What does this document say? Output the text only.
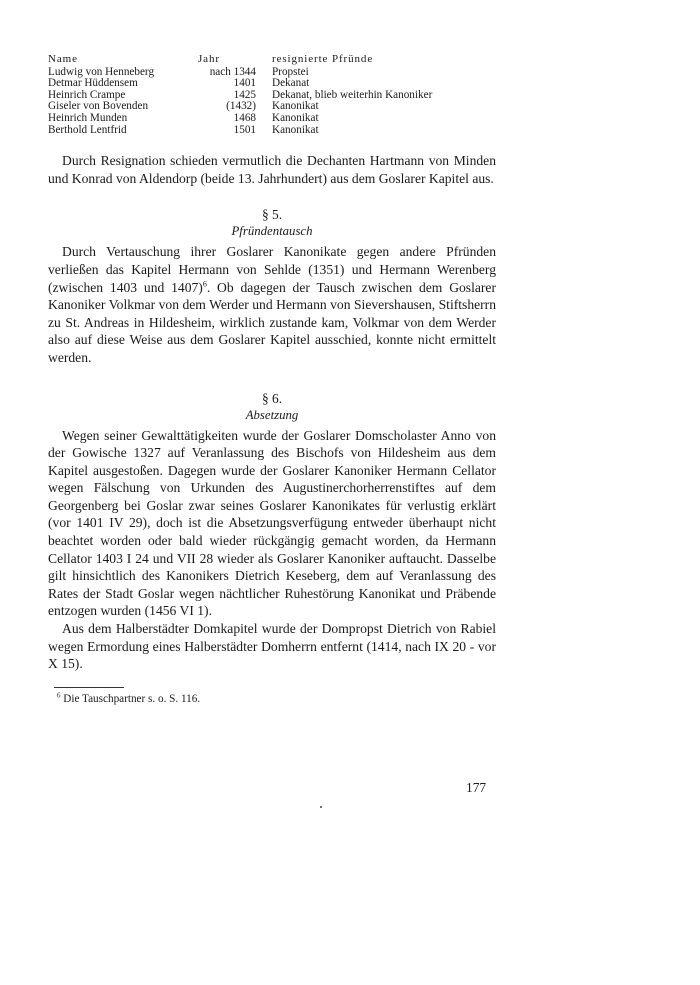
Name	Jahr	resignierte Pfründe
Ludwig von Henneberg	nach 1344	Propstei
Detmar Hüddensem	1401	Dekanat
Heinrich Crampe	1425	Dekanat, blieb weiterhin Kanoniker
Giseler von Bovenden	(1432)	Kanonikat
Heinrich Munden	1468	Kanonikat
Berthold Lentfrid	1501	Kanonikat

Durch Resignation schieden vermutlich die Dechanten Hartmann von Minden und Konrad von Aldendorp (beide 13. Jahrhundert) aus dem Goslarer Kapitel aus.

§ 5.
Pfründentausch

Durch Vertauschung ihrer Goslarer Kanonikate gegen andere Pfründen verließen das Kapitel Hermann von Sehlde (1351) und Hermann Werenberg (zwischen 1403 und 1407)$^6$. Ob dagegen der Tausch zwischen dem Goslarer Kanoniker Volkmar von dem Werder und Hermann von Sievershausen, Stiftsherrn zu St. Andreas in Hildesheim, wirklich zustande kam, Volkmar von dem Werder also auf diese Weise aus dem Goslarer Kapitel ausschied, konnte nicht ermittelt werden.

§ 6.
Absetzung

Wegen seiner Gewalttätigkeiten wurde der Goslarer Domscholaster Anno von der Gowische 1327 auf Veranlassung des Bischofs von Hildesheim aus dem Kapitel ausgestoßen. Dagegen wurde der Goslarer Kanoniker Hermann Cellator wegen Fälschung von Urkunden des Augustinerchorherrenstiftes auf dem Georgenberg bei Goslar zwar seines Goslarer Kanonikates für verlustig erklärt (vor 1401 IV 29), doch ist die Absetzungsverfügung entweder überhaupt nicht beachtet worden oder bald wieder rückgängig gemacht worden, da Hermann Cellator 1403 I 24 und VII 28 wieder als Goslarer Kanoniker auftaucht. Dasselbe gilt hinsichtlich des Kanonikers Dietrich Keseberg, dem auf Veranlassung des Rates der Stadt Goslar wegen nächtlicher Ruhestörung Kanonikat und Präbende entzogen wurden (1456 VI 1).

Aus dem Halberstädter Domkapitel wurde der Dompropst Dietrich von Rabiel wegen Ermordung eines Halberstädter Domherrn entfernt (1414, nach IX 20 - vor X 15).

$^6$ Die Tauschpartner s. o. S. 116.
177
